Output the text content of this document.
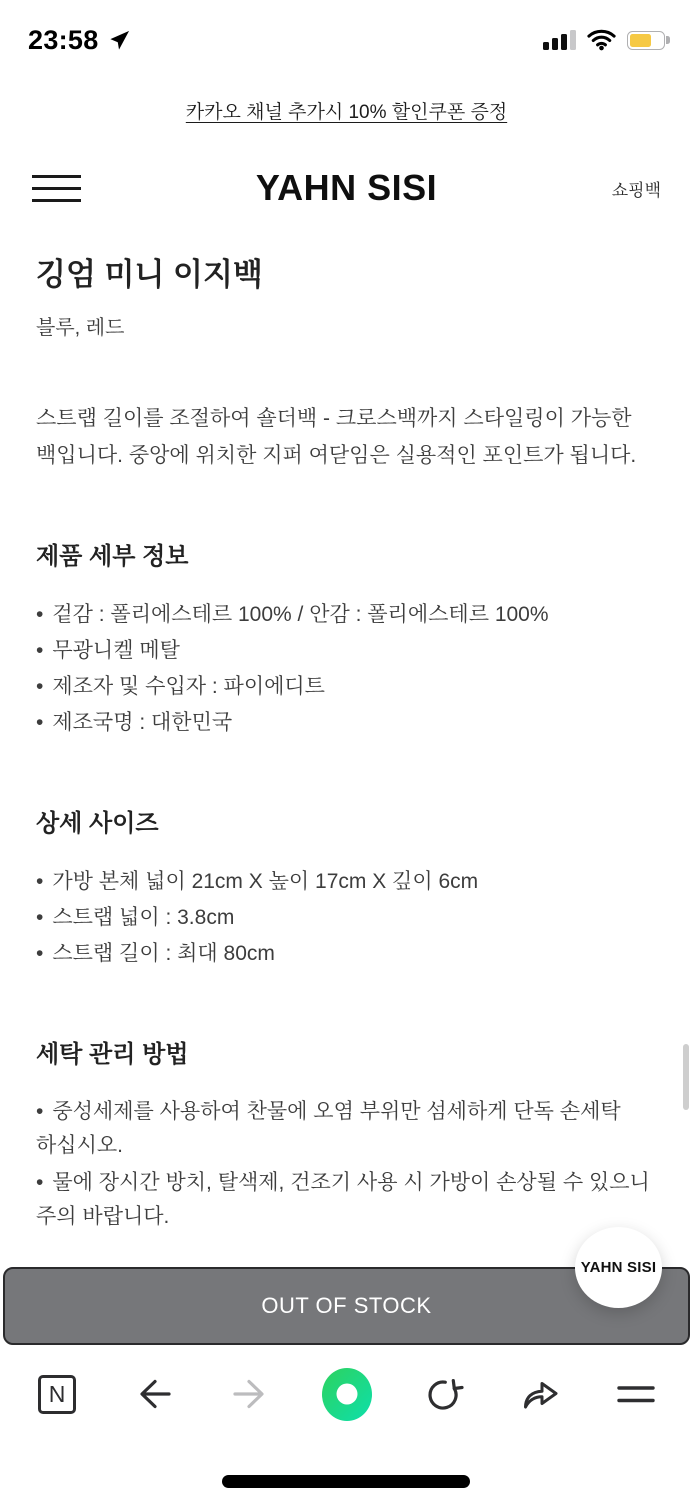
23:58
카카오 채널 추가시 10% 할인쿠폰 증정
YAHN SISI	쇼핑백
깅엄 미니 이지백
블루, 레드
스트랩 길이를 조절하여 숄더백 - 크로스백까지 스타일링이 가능한 백입니다. 중앙에 위치한 지퍼 여닫임은 실용적인 포인트가 됩니다.
제품 세부 정보
• 겉감 : 폴리에스테르 100% / 안감 : 폴리에스테르 100%
• 무광니켈 메탈
• 제조자 및 수입자 : 파이에디트
• 제조국명 : 대한민국
상세 사이즈
• 가방 본체 넓이 21cm X 높이 17cm X 깊이 6cm
• 스트랩 넓이 : 3.8cm
• 스트랩 길이 : 최대 80cm
세탁 관리 방법
• 중성세제를 사용하여 찬물에 오염 부위만 섬세하게 단독 손세탁 하십시오.
• 물에 장시간 방치, 탈색제, 건조기 사용 시 가방이 손상될 수 있으니 주의 바랍니다.
YAHN SISI
OUT OF STOCK
N
